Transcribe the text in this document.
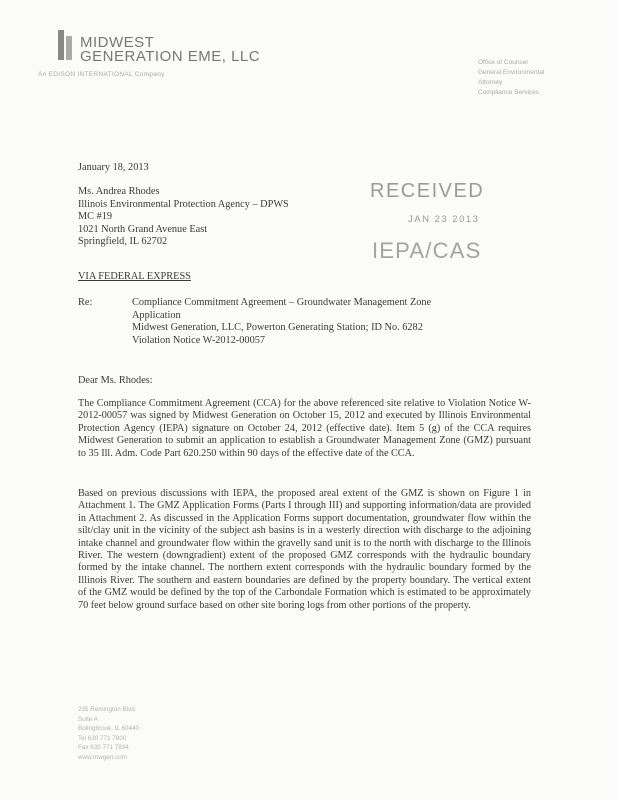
MIDWEST
GENERATION EME, LLC
An EDISON INTERNATIONAL Company
Office of Counsel
General Environmental
Attorney
Compliance Services
January 18, 2013
Ms. Andrea Rhodes
Illinois Environmental Protection Agency – DPWS
MC #19
1021 North Grand Avenue East
Springfield, IL 62702
RECEIVED
JAN 23 2013
IEPA/CAS
VIA FEDERAL EXPRESS
Re:	Compliance Commitment Agreement – Groundwater Management Zone
Application
Midwest Generation, LLC, Powerton Generating Station; ID No. 6282
Violation Notice W-2012-00057
Dear Ms. Rhodes:
The Compliance Commitment Agreement (CCA) for the above referenced site relative to Violation Notice W-2012-00057 was signed by Midwest Generation on October 15, 2012 and executed by Illinois Environmental Protection Agency (IEPA) signature on October 24, 2012 (effective date). Item 5 (g) of the CCA requires Midwest Generation to submit an application to establish a Groundwater Management Zone (GMZ) pursuant to 35 Ill. Adm. Code Part 620.250 within 90 days of the effective date of the CCA.
Based on previous discussions with IEPA, the proposed areal extent of the GMZ is shown on Figure 1 in Attachment 1. The GMZ Application Forms (Parts I through III) and supporting information/data are provided in Attachment 2. As discussed in the Application Forms support documentation, groundwater flow within the silt/clay unit in the vicinity of the subject ash basins is in a westerly direction with discharge to the adjoining intake channel and groundwater flow within the gravelly sand unit is to the north with discharge to the Illinois River. The western (downgradient) extent of the proposed GMZ corresponds with the hydraulic boundary formed by the intake channel. The northern extent corresponds with the hydraulic boundary formed by the Illinois River. The southern and eastern boundaries are defined by the property boundary. The vertical extent of the GMZ would be defined by the top of the Carbondale Formation which is estimated to be approximately 70 feet below ground surface based on other site boring logs from other portions of the property.
235 Remington Blvd.
Suite A
Bolingbrook, IL 60440
Tel 630 771 7800
Fax 630 771 7834
www.mwgen.com
